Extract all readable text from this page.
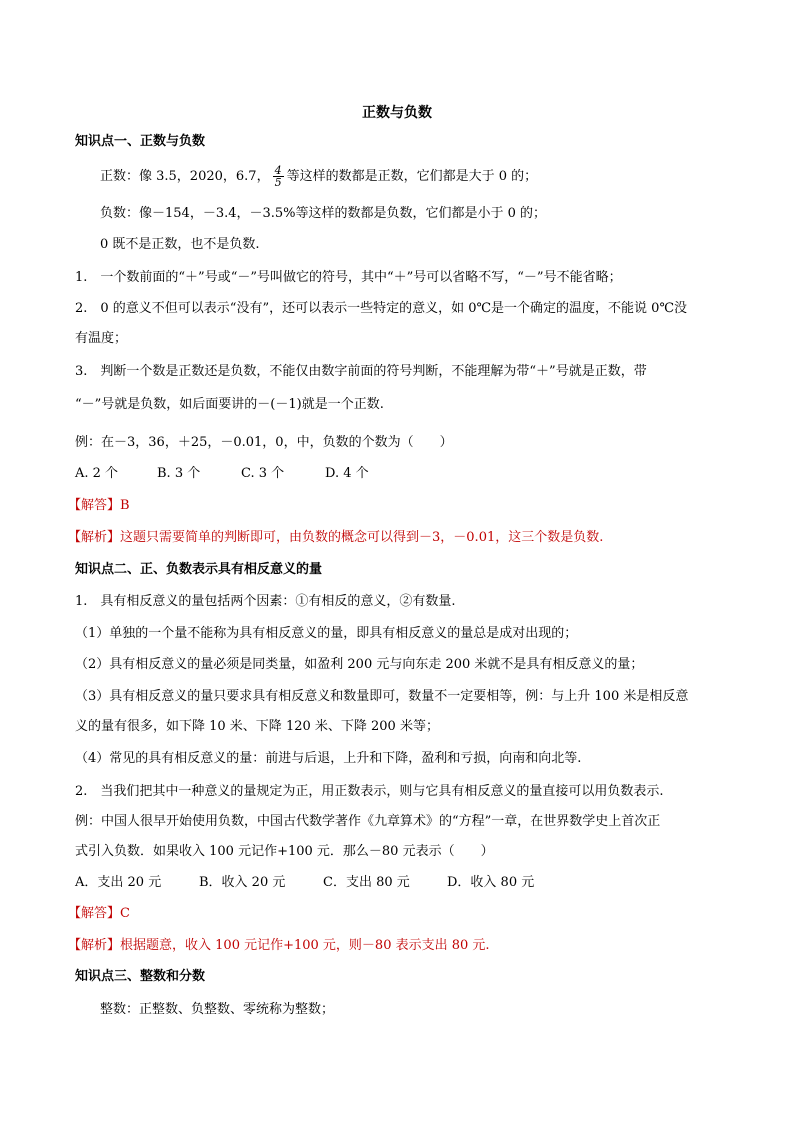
正数与负数
知识点一、正数与负数
正数：像 3.5，2020，6.7， $\frac{4}{5}$ 等这样的数都是正数，它们都是大于 0 的；
负数：像－154，－3.4，－3.5%等这样的数都是负数，它们都是小于 0 的；
0 既不是正数，也不是负数.
1.　一个数前面的“＋”号或“－”号叫做它的符号，其中“＋”号可以省略不写，“－”号不能省略；
2.　0 的意义不但可以表示“没有”，还可以表示一些特定的意义，如 0℃是一个确定的温度，不能说 0℃没
有温度；
3.　判断一个数是正数还是负数，不能仅由数字前面的符号判断，不能理解为带“＋”号就是正数，带
“－”号就是负数，如后面要讲的－(－1)就是一个正数.
例：在－3，36，＋25，－0.01，0，中，负数的个数为（　　）
A. 2 个	B. 3 个	C. 3 个	D. 4 个
【解答】B
【解析】这题只需要简单的判断即可，由负数的概念可以得到－3，－0.01，这三个数是负数.
知识点二、正、负数表示具有相反意义的量
1.　具有相反意义的量包括两个因素：①有相反的意义，②有数量.
（1）单独的一个量不能称为具有相反意义的量，即具有相反意义的量总是成对出现的；
（2）具有相反意义的量必须是同类量，如盈利 200 元与向东走 200 米就不是具有相反意义的量；
（3）具有相反意义的量只要求具有相反意义和数量即可，数量不一定要相等，例：与上升 100 米是相反意
义的量有很多，如下降 10 米、下降 120 米、下降 200 米等；
（4）常见的具有相反意义的量：前进与后退，上升和下降，盈利和亏损，向南和向北等.
2.　当我们把其中一种意义的量规定为正，用正数表示，则与它具有相反意义的量直接可以用负数表示.
例：中国人很早开始使用负数，中国古代数学著作《九章算术》的“方程”一章，在世界数学史上首次正
式引入负数．如果收入 100 元记作+100 元．那么－80 元表示（　　）
A．支出 20 元	B．收入 20 元	C．支出 80 元	D．收入 80 元
【解答】C
【解析】根据题意，收入 100 元记作+100 元，则－80 表示支出 80 元.
知识点三、整数和分数
整数：正整数、负整数、零统称为整数；
